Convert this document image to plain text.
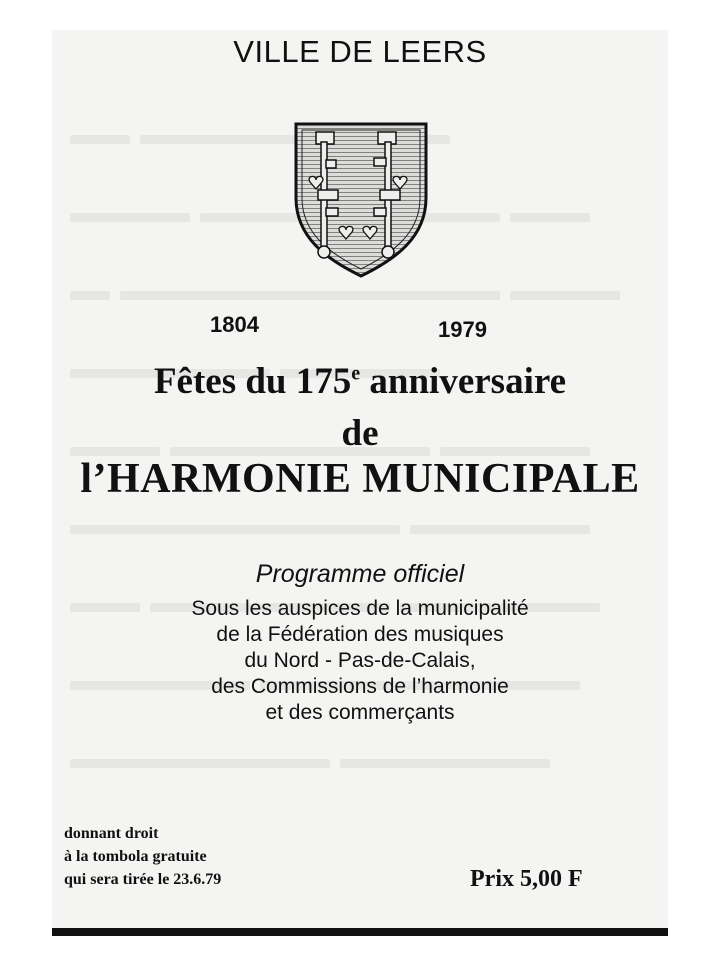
VILLE DE LEERS
1804	1979
Fêtes du 175e anniversaire
de
l’HARMONIE MUNICIPALE
Programme officiel
Sous les auspices de la municipalité
de la Fédération des musiques
du Nord - Pas-de-Calais,
des Commissions de l’harmonie
et des commerçants
donnant droit
à la tombola gratuite
qui sera tirée le 23.6.79	Prix 5,00 F
